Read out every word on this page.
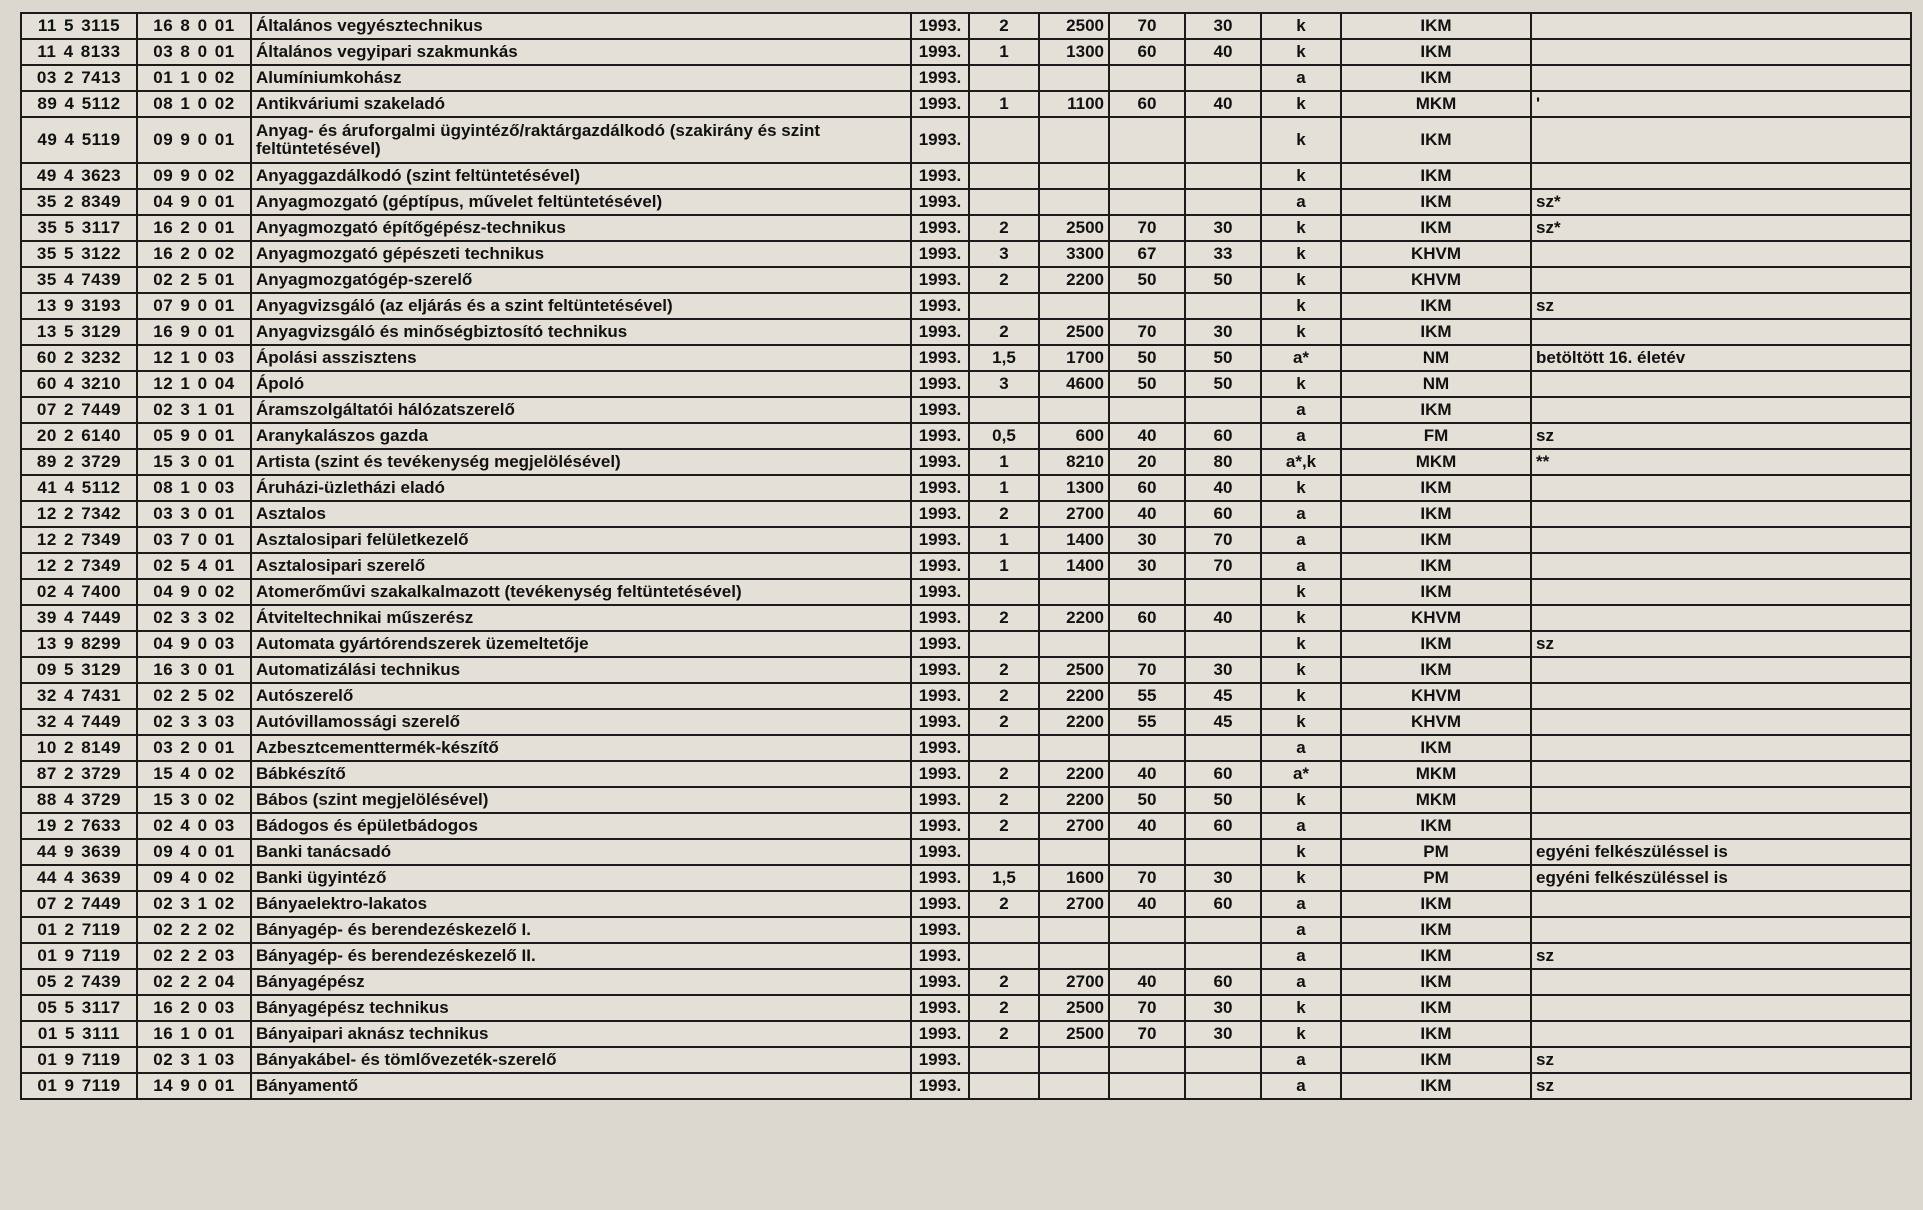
11 5 3115	16 8 0 01	Általános vegyésztechnikus	1993.	2	2500	70	30	k	IKM	
11 4 8133	03 8 0 01	Általános vegyipari szakmunkás	1993.	1	1300	60	40	k	IKM	
03 2 7413	01 1 0 02	Alumíniumkohász	1993.					a	IKM	
89 4 5112	08 1 0 02	Antikváriumi szakeladó	1993.	1	1100	60	40	k	MKM	'
49 4 5119	09 9 0 01	Anyag- és áruforgalmi ügyintéző/raktárgazdálkodó (szakirány és szint feltüntetésével)	1993.					k	IKM	
49 4 3623	09 9 0 02	Anyaggazdálkodó (szint feltüntetésével)	1993.					k	IKM	
35 2 8349	04 9 0 01	Anyagmozgató (géptípus, művelet feltüntetésével)	1993.					a	IKM	sz*
35 5 3117	16 2 0 01	Anyagmozgató építőgépész-technikus	1993.	2	2500	70	30	k	IKM	sz*
35 5 3122	16 2 0 02	Anyagmozgató gépészeti technikus	1993.	3	3300	67	33	k	KHVM	
35 4 7439	02 2 5 01	Anyagmozgatógép-szerelő	1993.	2	2200	50	50	k	KHVM	
13 9 3193	07 9 0 01	Anyagvizsgáló (az eljárás és a szint feltüntetésével)	1993.					k	IKM	sz
13 5 3129	16 9 0 01	Anyagvizsgáló és minőségbiztosító technikus	1993.	2	2500	70	30	k	IKM	
60 2 3232	12 1 0 03	Ápolási asszisztens	1993.	1,5	1700	50	50	a*	NM	betöltött 16. életév
60 4 3210	12 1 0 04	Ápoló	1993.	3	4600	50	50	k	NM	
07 2 7449	02 3 1 01	Áramszolgáltatói hálózatszerelő	1993.					a	IKM	
20 2 6140	05 9 0 01	Aranykalászos gazda	1993.	0,5	600	40	60	a	FM	sz
89 2 3729	15 3 0 01	Artista (szint és tevékenység megjelölésével)	1993.	1	8210	20	80	a*,k	MKM	**
41 4 5112	08 1 0 03	Áruházi-üzletházi eladó	1993.	1	1300	60	40	k	IKM	
12 2 7342	03 3 0 01	Asztalos	1993.	2	2700	40	60	a	IKM	
12 2 7349	03 7 0 01	Asztalosipari felületkezelő	1993.	1	1400	30	70	a	IKM	
12 2 7349	02 5 4 01	Asztalosipari szerelő	1993.	1	1400	30	70	a	IKM	
02 4 7400	04 9 0 02	Atomerőművi szakalkalmazott (tevékenység feltüntetésével)	1993.					k	IKM	
39 4 7449	02 3 3 02	Átviteltechnikai műszerész	1993.	2	2200	60	40	k	KHVM	
13 9 8299	04 9 0 03	Automata gyártórendszerek üzemeltetője	1993.					k	IKM	sz
09 5 3129	16 3 0 01	Automatizálási technikus	1993.	2	2500	70	30	k	IKM	
32 4 7431	02 2 5 02	Autószerelő	1993.	2	2200	55	45	k	KHVM	
32 4 7449	02 3 3 03	Autóvillamossági szerelő	1993.	2	2200	55	45	k	KHVM	
10 2 8149	03 2 0 01	Azbesztcementtermék-készítő	1993.					a	IKM	
87 2 3729	15 4 0 02	Bábkészítő	1993.	2	2200	40	60	a*	MKM	
88 4 3729	15 3 0 02	Bábos (szint megjelölésével)	1993.	2	2200	50	50	k	MKM	
19 2 7633	02 4 0 03	Bádogos és épületbádogos	1993.	2	2700	40	60	a	IKM	
44 9 3639	09 4 0 01	Banki tanácsadó	1993.					k	PM	egyéni felkészüléssel is
44 4 3639	09 4 0 02	Banki ügyintéző	1993.	1,5	1600	70	30	k	PM	egyéni felkészüléssel is
07 2 7449	02 3 1 02	Bányaelektro-lakatos	1993.	2	2700	40	60	a	IKM	
01 2 7119	02 2 2 02	Bányagép- és berendezéskezelő I.	1993.					a	IKM	
01 9 7119	02 2 2 03	Bányagép- és berendezéskezelő II.	1993.					a	IKM	sz
05 2 7439	02 2 2 04	Bányagépész	1993.	2	2700	40	60	a	IKM	
05 5 3117	16 2 0 03	Bányagépész technikus	1993.	2	2500	70	30	k	IKM	
01 5 3111	16 1 0 01	Bányaipari aknász technikus	1993.	2	2500	70	30	k	IKM	
01 9 7119	02 3 1 03	Bányakábel- és tömlővezeték-szerelő	1993.					a	IKM	sz
01 9 7119	14 9 0 01	Bányamentő	1993.					a	IKM	sz
